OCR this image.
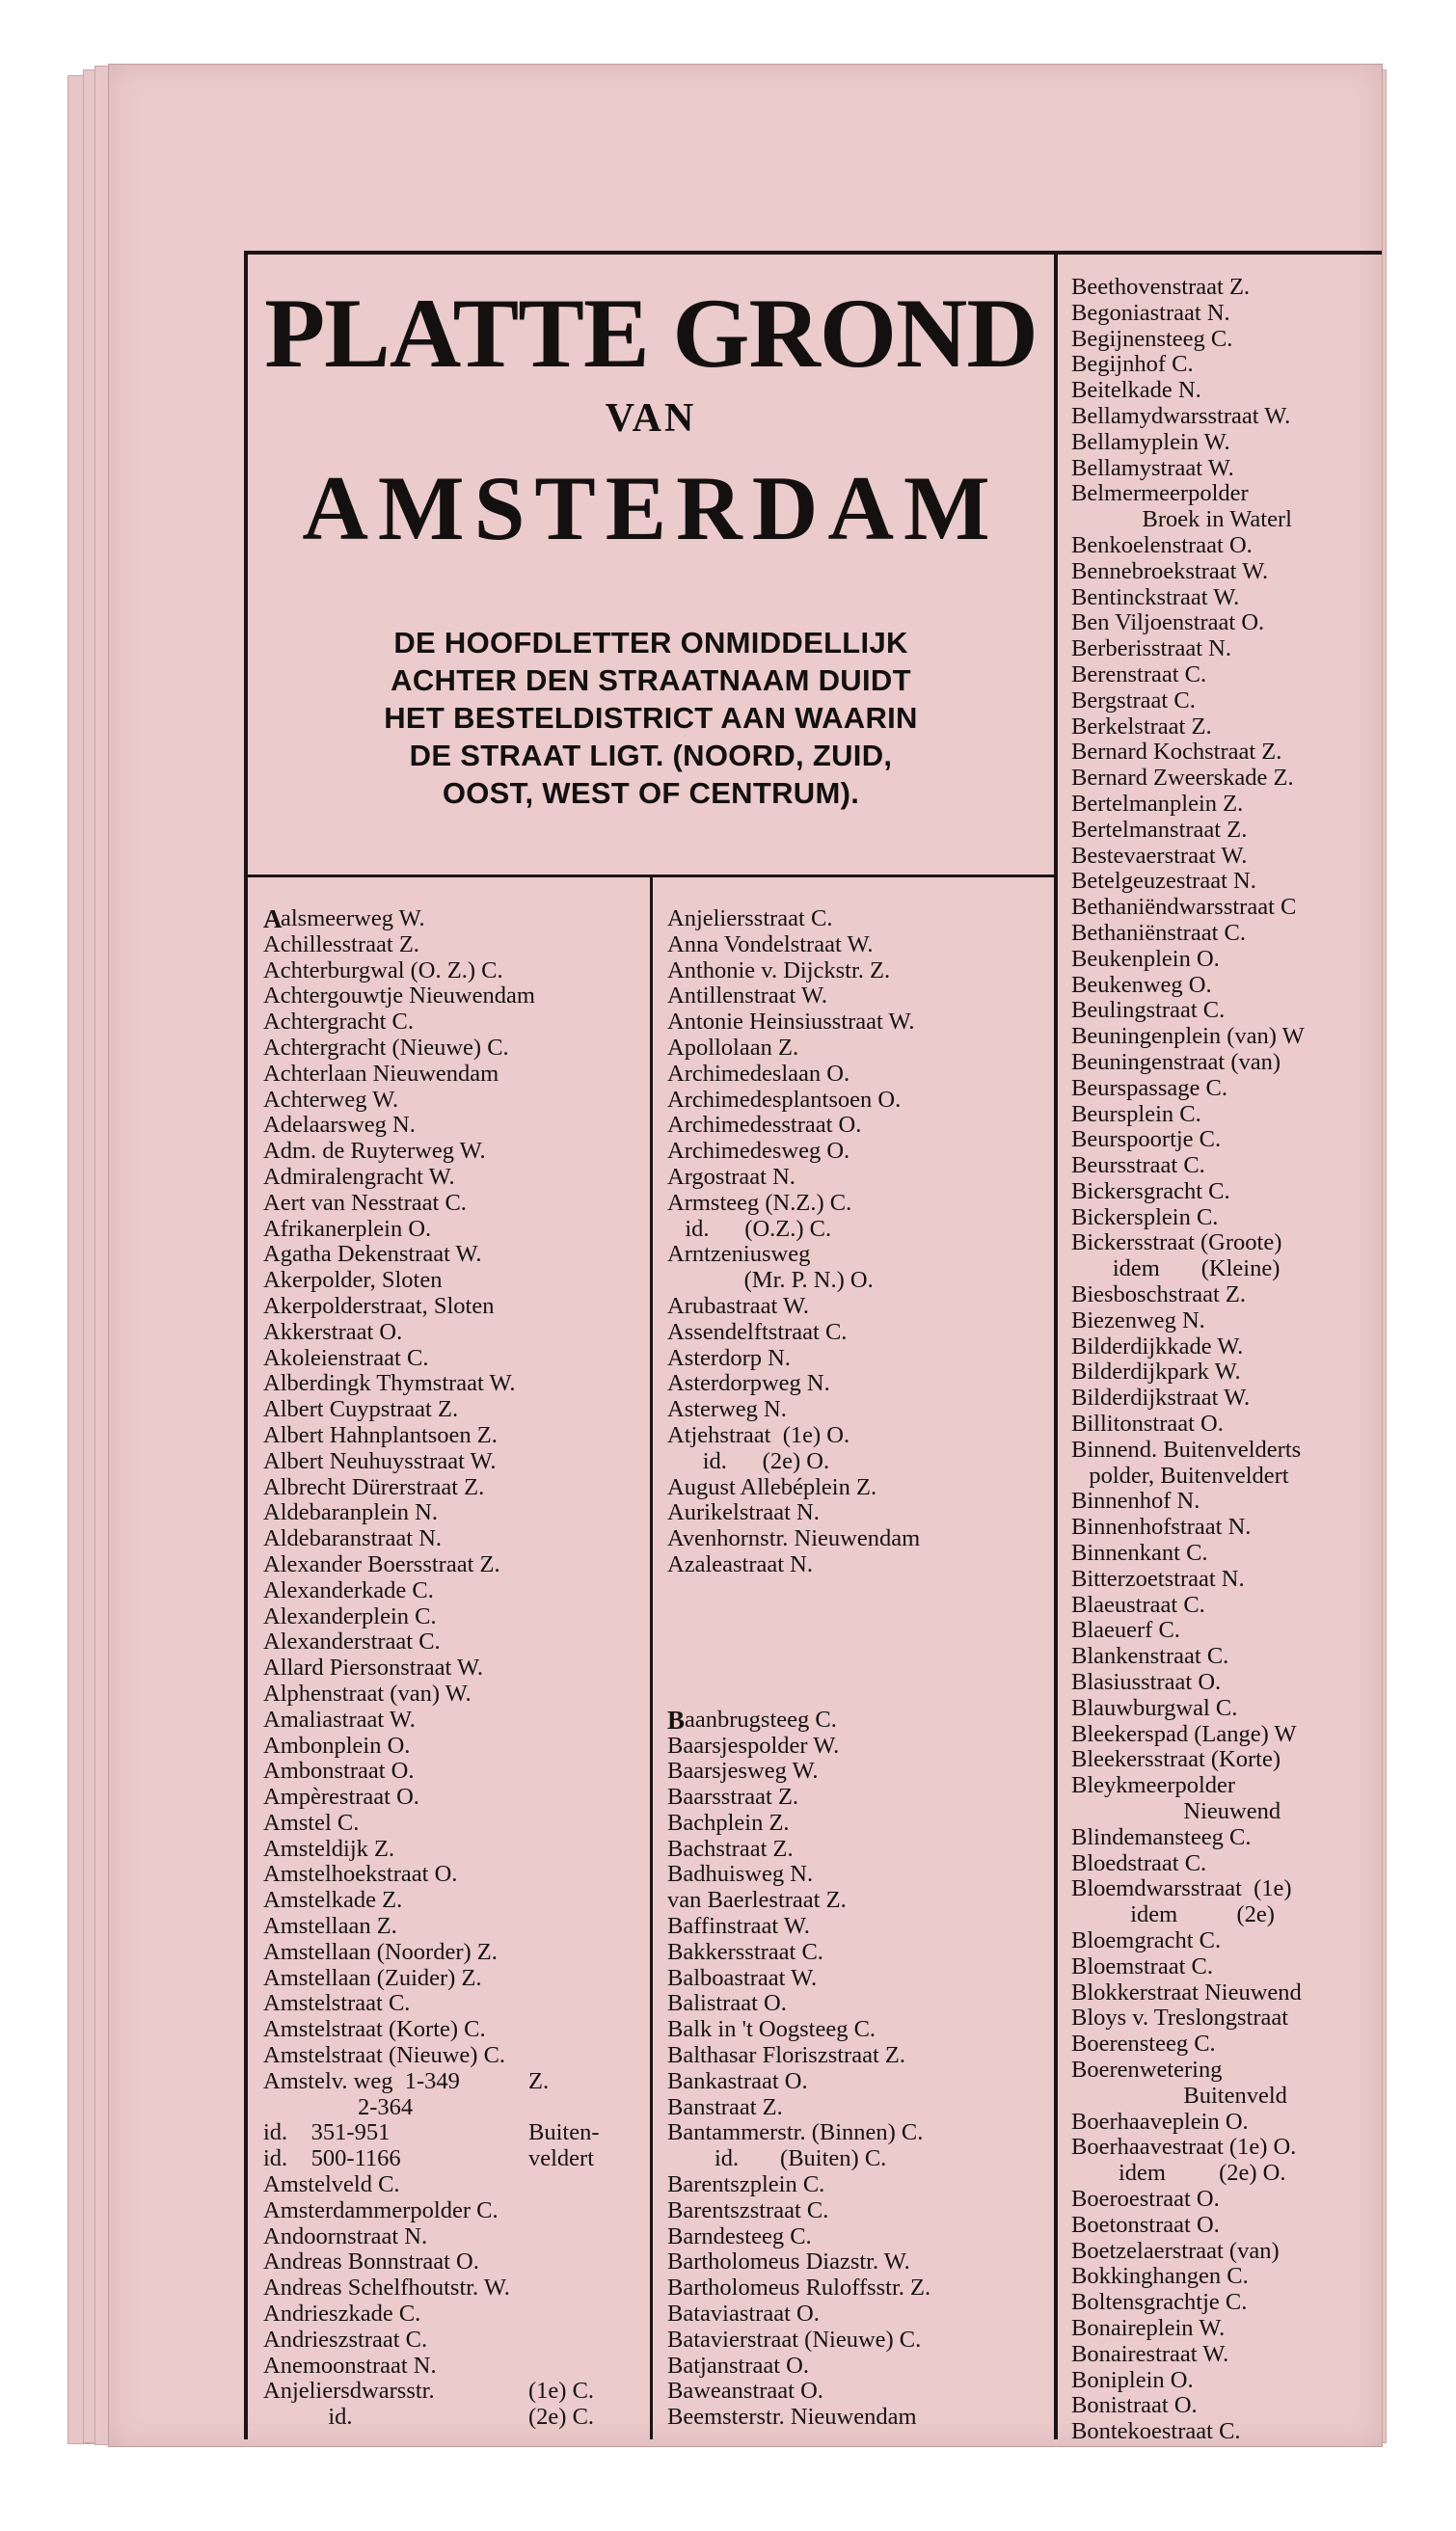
PLATTE GROND
VAN
AMSTERDAM
DE HOOFDLETTER ONMIDDELLIJK
ACHTER DEN STRAATNAAM DUIDT
HET BESTELDISTRICT AAN WAARIN
DE STRAAT LIGT. (NOORD, ZUID,
OOST, WEST OF CENTRUM).
A
alsmeerweg W.
Achillesstraat Z.
Achterburgwal (O. Z.) C.
Achtergouwtje Nieuwendam
Achtergracht C.
Achtergracht (Nieuwe) C.
Achterlaan Nieuwendam
Achterweg W.
Adelaarsweg N.
Adm. de Ruyterweg W.
Admiralengracht W.
Aert van Nesstraat C.
Afrikanerplein O.
Agatha Dekenstraat W.
Akerpolder, Sloten
Akerpolderstraat, Sloten
Akkerstraat O.
Akoleienstraat C.
Alberdingk Thymstraat W.
Albert Cuypstraat Z.
Albert Hahnplantsoen Z.
Albert Neuhuysstraat W.
Albrecht Dürerstraat Z.
Aldebaranplein N.
Aldebaranstraat N.
Alexander Boersstraat Z.
Alexanderkade C.
Alexanderplein C.
Alexanderstraat C.
Allard Piersonstraat W.
Alphenstraat (van) W.
Amaliastraat W.
Ambonplein O.
Ambonstraat O.
Ampèrestraat O.
Amstel C.
Amsteldijk Z.
Amstelhoekstraat O.
Amstelkade Z.
Amstellaan Z.
Amstellaan (Noorder) Z.
Amstellaan (Zuider) Z.
Amstelstraat C.
Amstelstraat (Korte) C.
Amstelstraat (Nieuwe) C.
Amstelv. weg  1-349	Z.
2-364
id.    351-951	Buiten-
id.    500-1166	veldert
Amstelveld C.
Amsterdammerpolder C.
Andoornstraat N.
Andreas Bonnstraat O.
Andreas Schelfhoutstr. W.
Andrieszkade C.
Andrieszstraat C.
Anemoonstraat N.
Anjeliersdwarsstr.	(1e) C.
id.	(2e) C.
Anjeliersstraat C.
Anna Vondelstraat W.
Anthonie v. Dijckstr. Z.
Antillenstraat W.
Antonie Heinsiusstraat W.
Apollolaan Z.
Archimedeslaan O.
Archimedesplantsoen O.
Archimedesstraat O.
Archimedesweg O.
Argostraat N.
Armsteeg (N.Z.) C.
id.      (O.Z.) C.
Arntzeniusweg
(Mr. P. N.) O.
Arubastraat W.
Assendelftstraat C.
Asterdorp N.
Asterdorpweg N.
Asterweg N.
Atjehstraat  (1e) O.
id.      (2e) O.
August Allebéplein Z.
Aurikelstraat N.
Avenhornstr. Nieuwendam
Azaleastraat N.
B aanbrugsteeg C.
Baarsjespolder W.
Baarsjesweg W.
Baarsstraat Z.
Bachplein Z.
Bachstraat Z.
Badhuisweg N.
van Baerlestraat Z.
Baffinstraat W.
Bakkersstraat C.
Balboastraat W.
Balistraat O.
Balk in 't Oogsteeg C.
Balthasar Floriszstraat Z.
Bankastraat O.
Banstraat Z.
Bantammerstr. (Binnen) C.
id.       (Buiten) C.
Barentszplein C.
Barentszstraat C.
Barndesteeg C.
Bartholomeus Diazstr. W.
Bartholomeus Ruloffsstr. Z.
Bataviastraat O.
Batavierstraat (Nieuwe) C.
Batjanstraat O.
Baweanstraat O.
Beemsterstr. Nieuwendam
Beethovenstraat Z.
Begoniastraat N.
Begijnensteeg C.
Begijnhof C.
Beitelkade N.
Bellamydwarsstraat W.
Bellamyplein W.
Bellamystraat W.
Belmermeerpolder
Broek in Waterl
Benkoelenstraat O.
Bennebroekstraat W.
Bentinckstraat W.
Ben Viljoenstraat O.
Berberisstraat N.
Berenstraat C.
Bergstraat C.
Berkelstraat Z.
Bernard Kochstraat Z.
Bernard Zweerskade Z.
Bertelmanplein Z.
Bertelmanstraat Z.
Bestevaerstraat W.
Betelgeuzestraat N.
Bethaniëndwarsstraat C
Bethaniënstraat C.
Beukenplein O.
Beukenweg O.
Beulingstraat C.
Beuningenplein (van) W
Beuningenstraat (van)
Beurspassage C.
Beursplein C.
Beurspoortje C.
Beursstraat C.
Bickersgracht C.
Bickersplein C.
Bickersstraat (Groote)
idem       (Kleine)
Biesboschstraat Z.
Biezenweg N.
Bilderdijkkade W.
Bilderdijkpark W.
Bilderdijkstraat W.
Billitonstraat O.
Binnend. Buitenvelderts
polder, Buitenveldert
Binnenhof N.
Binnenhofstraat N.
Binnenkant C.
Bitterzoetstraat N.
Blaeustraat C.
Blaeuerf C.
Blankenstraat C.
Blasiusstraat O.
Blauwburgwal C.
Bleekerspad (Lange) W
Bleekersstraat (Korte)
Bleykmeerpolder
Nieuwend
Blindemansteeg C.
Bloedstraat C.
Bloemdwarsstraat  (1e)
idem          (2e)
Bloemgracht C.
Bloemstraat C.
Blokkerstraat Nieuwend
Bloys v. Treslongstraat
Boerensteeg C.
Boerenwetering
Buitenveld
Boerhaaveplein O.
Boerhaavestraat (1e) O.
idem         (2e) O.
Boeroestraat O.
Boetonstraat O.
Boetzelaerstraat (van)
Bokkinghangen C.
Boltensgrachtje C.
Bonaireplein W.
Bonairestraat W.
Boniplein O.
Bonistraat O.
Bontekoestraat C.
